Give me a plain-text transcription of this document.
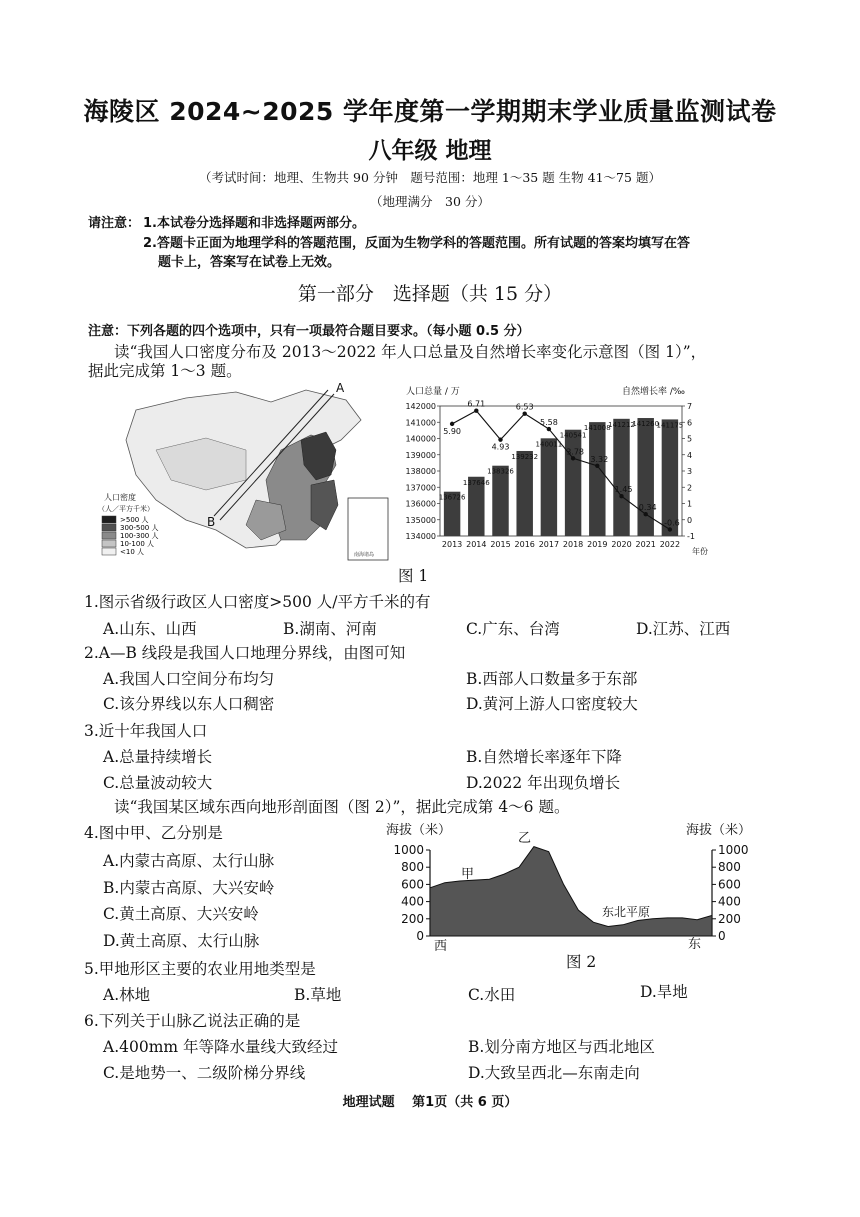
海陵区 2024~2025 学年度第一学期期末学业质量监测试卷
八年级 地理
（考试时间：地理、生物共 90 分钟　题号范围：地理 1～35 题 生物 41～75 题）
（地理满分　30 分）
请注意： 1.本试卷分选择题和非选择题两部分。
2.答题卡正面为地理学科的答题范围，反面为生物学科的答题范围。所有试题的答案均填写在答
题卡上，答案写在试卷上无效。
第一部分　选择题（共 15 分）
注意：下列各题的四个选项中，只有一项最符合题目要求。（每小题 0.5 分）
读“我国人口密度分布及 2013～2022 年人口总量及自然增长率变化示意图（图 1）”，
据此完成第 1～3 题。
南海诸岛
A
B
人口密度
（人／平方千米）
>500 人
300-500 人
100-300 人
10-100 人
<10 人
人口总量 / 万	自然增长率 /‰
134000
135000
136000
137000
138000
139000
140000
141000
142000
-1
0
1
2
3
4
5
6
7
2013 2014 2015 2016 2017 2018 2019 2020 2021 2022
136726
137646
138326
139232
140011
140541
141008
141212
141260
141175
5.90
6.71
4.93
6.53
5.58
3.78
3.32
1.45
0.34
-0.6
年份
图 1
1.图示省级行政区人口密度>500 人/平方千米的有
A.山东、山西	B.湖南、河南	C.广东、台湾	D.江苏、江西
2.A—B 线段是我国人口地理分界线，由图可知
A.我国人口空间分布均匀	B.西部人口数量多于东部
C.该分界线以东人口稠密	D.黄河上游人口密度较大
3.近十年我国人口
A.总量持续增长	B.自然增长率逐年下降
C.总量波动较大	D.2022 年出现负增长
读“我国某区域东西向地形剖面图（图 2）”，据此完成第 4～6 题。
4.图中甲、乙分别是
A.内蒙古高原、太行山脉
B.内蒙古高原、大兴安岭
C.黄土高原、大兴安岭
D.黄土高原、太行山脉
海拔（米）	海拔（米）
0	0
200	200
400	400
600	600
800	800
1000	1000
甲
乙
东北平原
西	东
图 2
5.甲地形区主要的农业用地类型是
A.林地	B.草地	C.水田	D.旱地
6.下列关于山脉乙说法正确的是
A.400mm 年等降水量线大致经过	B.划分南方地区与西北地区
C.是地势一、二级阶梯分界线	D.大致呈西北—东南走向
地理试题　 第1页（共 6 页）
